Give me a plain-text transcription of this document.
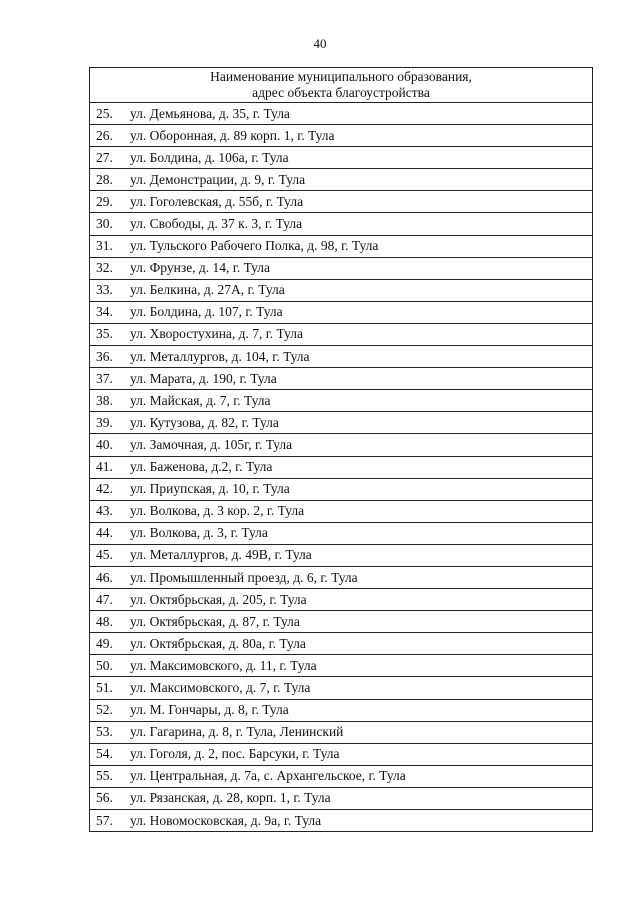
40
Наименование муниципального образования,
адрес объекта благоустройства

25. ул. Демьянова, д. 35, г. Тула
26. ул. Оборонная, д. 89 корп. 1, г. Тула
27. ул. Болдина, д. 106а, г. Тула
28. ул. Демонстрации, д. 9, г. Тула
29. ул. Гоголевская, д. 55б, г. Тула
30. ул. Свободы, д. 37 к. 3, г. Тула
31. ул. Тульского Рабочего Полка, д. 98, г. Тула
32. ул. Фрунзе, д. 14, г. Тула
33. ул. Белкина, д. 27А, г. Тула
34. ул. Болдина, д. 107, г. Тула
35. ул. Хворостухина, д. 7, г. Тула
36. ул. Металлургов, д. 104, г. Тула
37. ул. Марата, д. 190, г. Тула
38. ул. Майская, д. 7, г. Тула
39. ул. Кутузова, д. 82, г. Тула
40. ул. Замочная, д. 105г, г. Тула
41. ул. Баженова, д.2, г. Тула
42. ул. Приупская, д. 10, г. Тула
43. ул. Волкова, д. 3 кор. 2, г. Тула
44. ул. Волкова, д. 3, г. Тула
45. ул. Металлургов, д. 49В, г. Тула
46. ул. Промышленный проезд, д. 6, г. Тула
47. ул. Октябрьская, д. 205, г. Тула
48. ул. Октябрьская, д. 87, г. Тула
49. ул. Октябрьская, д. 80а, г. Тула
50. ул. Максимовского, д. 11, г. Тула
51. ул. Максимовского, д. 7, г. Тула
52. ул. М. Гончары, д. 8, г. Тула
53. ул. Гагарина, д. 8, г. Тула, Ленинский
54. ул. Гоголя, д. 2, пос. Барсуки, г. Тула
55. ул. Центральная, д. 7а, с. Архангельское, г. Тула
56. ул. Рязанская, д. 28, корп. 1, г. Тула
57. ул. Новомосковская, д. 9а, г. Тула
